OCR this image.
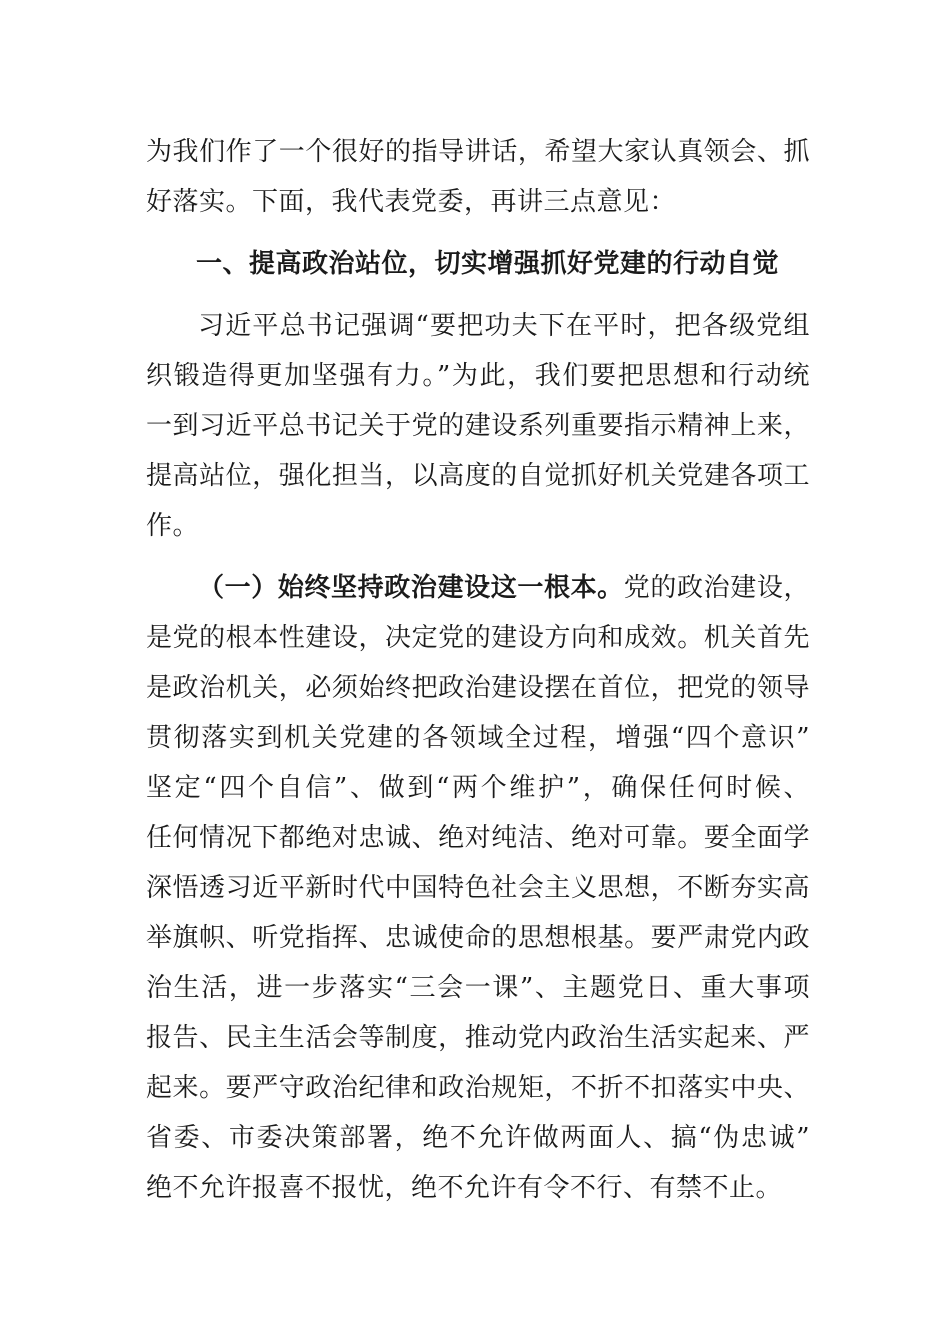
为我们作了一个很好的指导讲话，希望大家认真领会、抓
好落实。下面，我代表党委，再讲三点意见：
一、提高政治站位，切实增强抓好党建的行动自觉
习近平总书记强调“要把功夫下在平时，把各级党组
织锻造得更加坚强有力。”为此，我们要把思想和行动统
一到习近平总书记关于党的建设系列重要指示精神上来，
提高站位，强化担当，以高度的自觉抓好机关党建各项工
作。
（一）始终坚持政治建设这一根本。党的政治建设，
是党的根本性建设，决定党的建设方向和成效。机关首先
是政治机关，必须始终把政治建设摆在首位，把党的领导
贯彻落实到机关党建的各领域全过程，增强“四个意识”
坚定“四个自信”、做到“两个维护”，确保任何时候、
任何情况下都绝对忠诚、绝对纯洁、绝对可靠。要全面学
深悟透习近平新时代中国特色社会主义思想，不断夯实高
举旗帜、听党指挥、忠诚使命的思想根基。要严肃党内政
治生活，进一步落实“三会一课”、主题党日、重大事项
报告、民主生活会等制度，推动党内政治生活实起来、严
起来。要严守政治纪律和政治规矩，不折不扣落实中央、
省委、市委决策部署，绝不允许做两面人、搞“伪忠诚”
绝不允许报喜不报忧，绝不允许有令不行、有禁不止。
